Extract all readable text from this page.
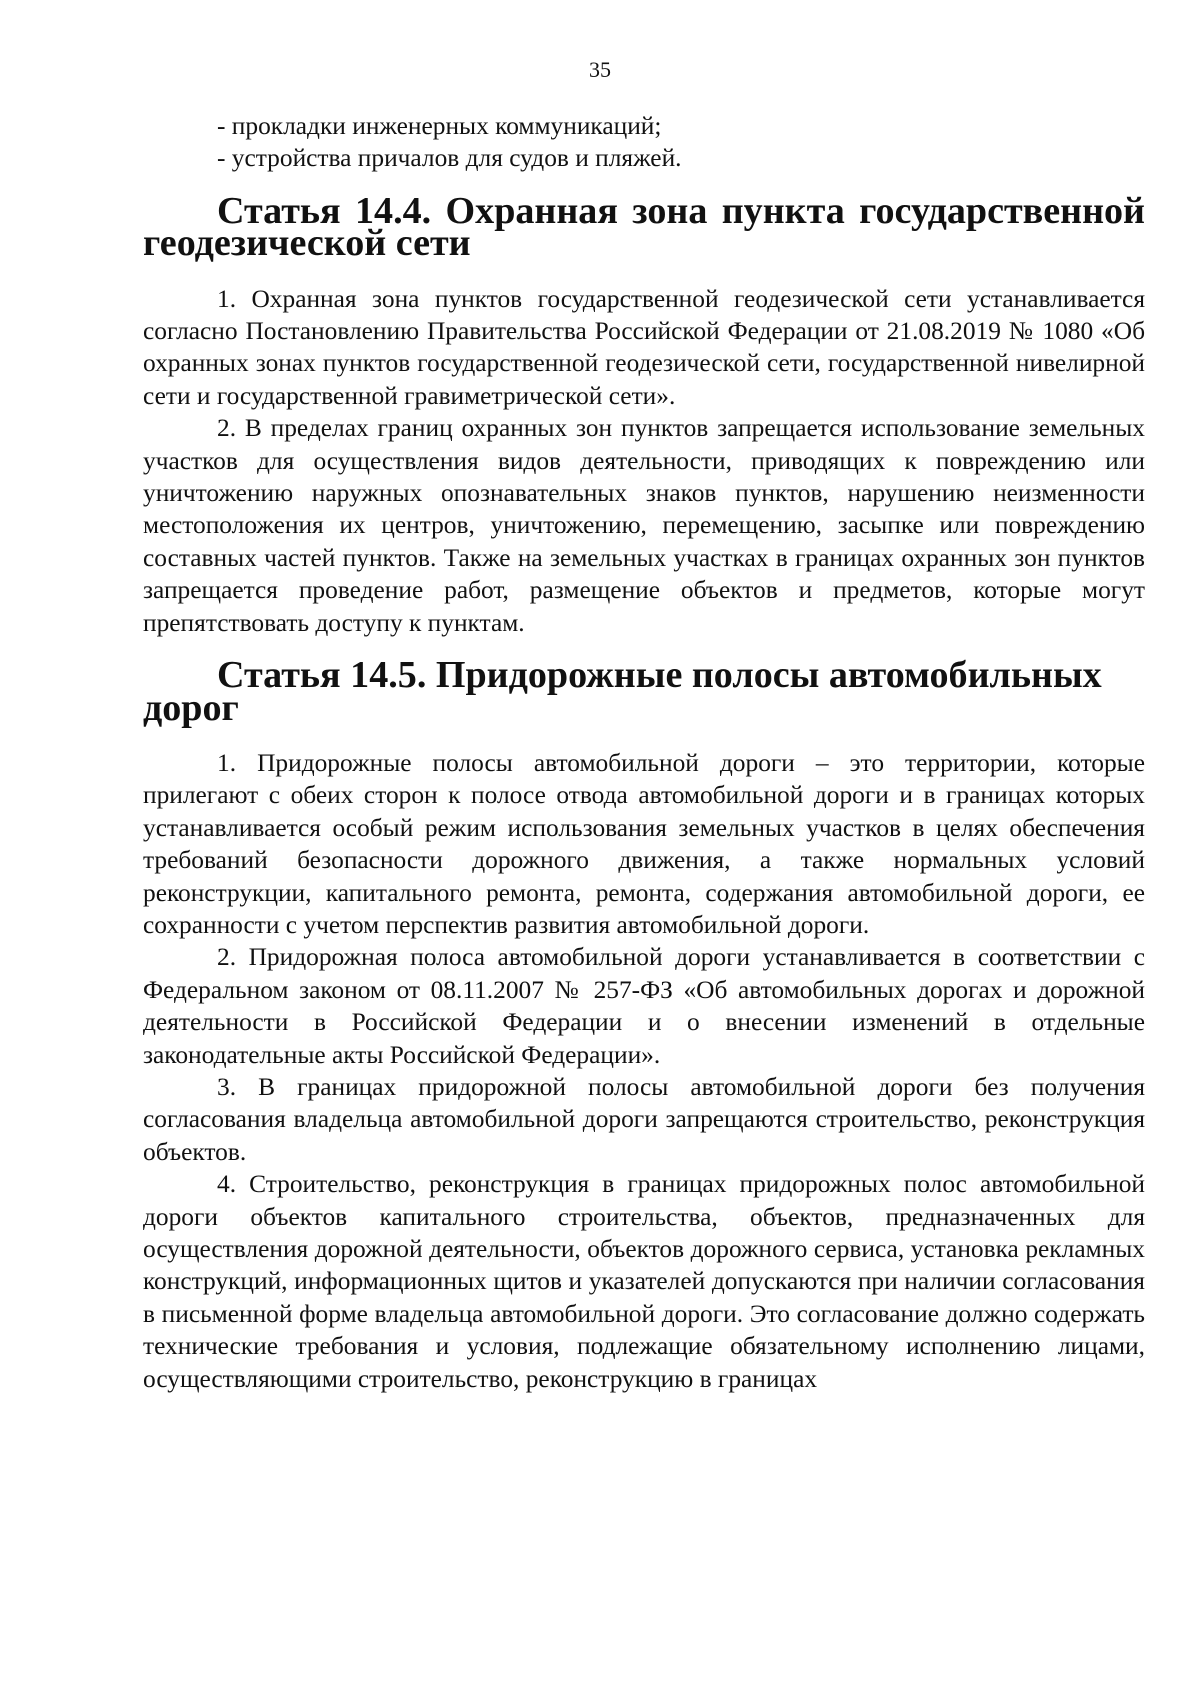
35

- прокладки инженерных коммуникаций;

- устройства причалов для судов и пляжей.

Статья 14.4. Охранная зона пункта государственной геодезической сети

1. Охранная зона пунктов государственной геодезической сети устанавливается согласно Постановлению Правительства Российской Федерации от 21.08.2019 № 1080 «Об охранных зонах пунктов государственной геодезической сети, государственной нивелирной сети и государственной гравиметрической сети».

2. В пределах границ охранных зон пунктов запрещается использование земельных участков для осуществления видов деятельности, приводящих к повреждению или уничтожению наружных опознавательных знаков пунктов, нарушению неизменности местоположения их центров, уничтожению, перемещению, засыпке или повреждению составных частей пунктов. Также на земельных участках в границах охранных зон пунктов запрещается проведение работ, размещение объектов и предметов, которые могут препятствовать доступу к пунктам.

Статья 14.5. Придорожные полосы автомобильных дорог

1. Придорожные полосы автомобильной дороги – это территории, которые прилегают с обеих сторон к полосе отвода автомобильной дороги и в границах которых устанавливается особый режим использования земельных участков в целях обеспечения требований безопасности дорожного движения, а также нормальных условий реконструкции, капитального ремонта, ремонта, содержания автомобильной дороги, ее сохранности с учетом перспектив развития автомобильной дороги.

2. Придорожная полоса автомобильной дороги устанавливается в соответствии с Федеральном законом от 08.11.2007 № 257-ФЗ «Об автомобильных дорогах и дорожной деятельности в Российской Федерации и о внесении изменений в отдельные законодательные акты Российской Федерации».

3. В границах придорожной полосы автомобильной дороги без получения согласования владельца автомобильной дороги запрещаются строительство, реконструкция объектов.

4. Строительство, реконструкция в границах придорожных полос автомобильной дороги объектов капитального строительства, объектов, предназначенных для осуществления дорожной деятельности, объектов дорожного сервиса, установка рекламных конструкций, информационных щитов и указателей допускаются при наличии согласования в письменной форме владельца автомобильной дороги. Это согласование должно содержать технические требования и условия, подлежащие обязательному исполнению лицами, осуществляющими строительство, реконструкцию в границах
